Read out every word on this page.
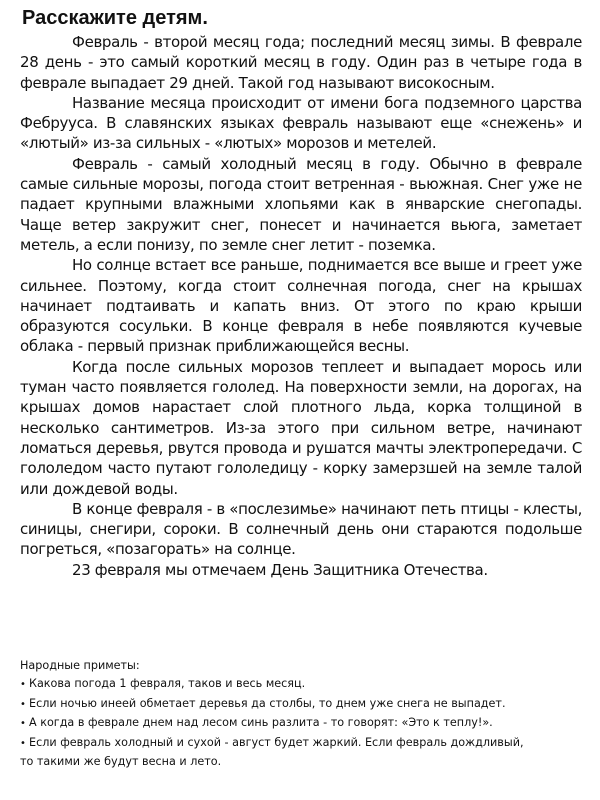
Расскажите детям.

Февраль - второй месяц года; последний месяц зимы. В феврале 28 день - это самый короткий месяц в году. Один раз в четыре года в феврале выпадает 29 дней. Такой год называют високосным.

Название месяца происходит от имени бога подземного царства Фебрууса. В славянских языках февраль называют еще «снежень» и «лютый» из-за сильных - «лютых» морозов и метелей.

Февраль - самый холодный месяц в году. Обычно в феврале самые сильные морозы, погода стоит ветренная - вьюжная. Снег уже не падает крупными влажными хлопьями как в январские снегопады. Чаще ветер закружит снег, понесет и начинается вьюга, заметает метель, а если понизу, по земле снег летит - поземка.

Но солнце встает все раньше, поднимается все выше и греет уже сильнее. Поэтому, когда стоит солнечная погода, снег на крышах начинает подтаивать и капать вниз. От этого по краю крыши образуются сосульки. В конце февраля в небе появляются кучевые облака - первый признак приближающейся весны.

Когда после сильных морозов теплеет и выпадает морось или туман часто появляется гололед. На поверхности земли, на дорогах, на крышах домов нарастает слой плотного льда, корка толщиной в несколько сантиметров. Из-за этого при сильном ветре, начинают ломаться деревья, рвутся провода и рушатся мачты электропередачи. С гололедом часто путают гололедицу - корку замерзшей на земле талой или дождевой воды.

В конце февраля - в «послезимье» начинают петь птицы - клесты, синицы, снегири, сороки. В солнечный день они стараются подольше погреться, «позагорать» на солнце.

23 февраля мы отмечаем День Защитника Отечества.

Народные приметы:

• Какова погода 1 февраля, таков и весь месяц.
• Если ночью инеей обметает деревья да столбы, то днем уже снега не выпадет.
• А когда в феврале днем над лесом синь разлита - то говорят: «Это к теплу!».
• Если февраль холодный и сухой - август будет жаркий. Если февраль дождливый,
то такими же будут весна и лето.
